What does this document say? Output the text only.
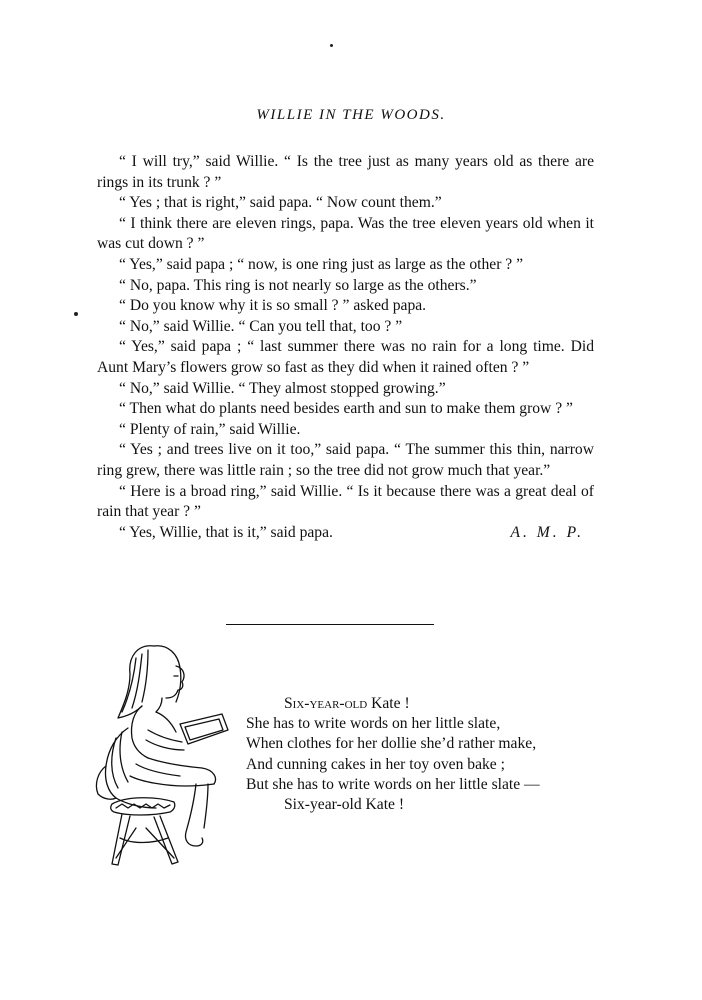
WILLIE IN THE WOODS.

“ I will try,” said Willie. “ Is the tree just as many years old as there are rings in its trunk ? ”

“ Yes ; that is right,” said papa. “ Now count them.”

“ I think there are eleven rings, papa. Was the tree eleven years old when it was cut down ? ”

“ Yes,” said papa ; “ now, is one ring just as large as the other ? ”

“ No, papa. This ring is not nearly so large as the others.”

“ Do you know why it is so small ? ” asked papa.

“ No,” said Willie. “ Can you tell that, too ? ”

“ Yes,” said papa ; “ last summer there was no rain for a long time. Did Aunt Mary’s flowers grow so fast as they did when it rained often ? ”

“ No,” said Willie. “ They almost stopped growing.”

“ Then what do plants need besides earth and sun to make them grow ? ”

“ Plenty of rain,” said Willie.

“ Yes ; and trees live on it too,” said papa. “ The summer this thin, narrow ring grew, there was little rain ; so the tree did not grow much that year.”

“ Here is a broad ring,” said Willie. “ Is it because there was a great deal of rain that year ? ”

“ Yes, Willie, that is it,” said papa.	A. M. P.

Six-year-old Kate !
She has to write words on her little slate,
When clothes for her dollie she’d rather make,
And cunning cakes in her toy oven bake ;
But she has to write words on her little slate —
Six-year-old Kate !
